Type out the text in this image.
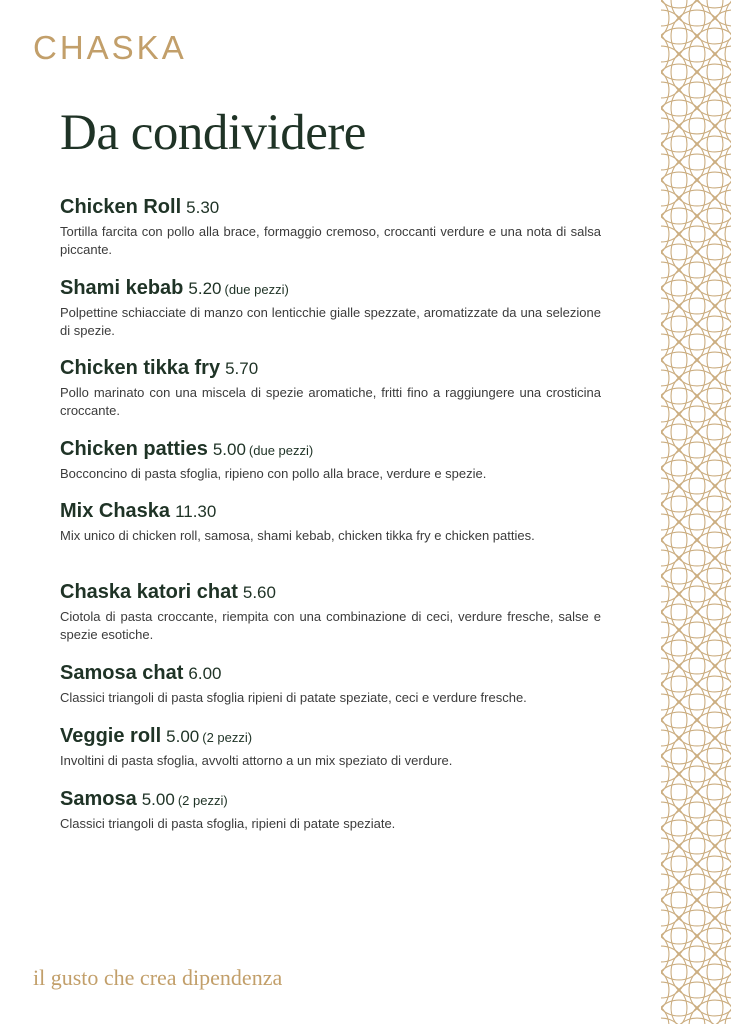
CHASKA
Da condividere
Chicken Roll 5.30

Tortilla farcita con pollo alla brace, formaggio cremoso, croccanti verdure e una nota di salsa piccante.

Shami kebab 5.20 (due pezzi)

Polpettine schiacciate di manzo con lenticchie gialle spezzate, aromatizzate da una selezione di spezie.

Chicken tikka fry 5.70

Pollo marinato con una miscela di spezie aromatiche, fritti fino a raggiungere una crosticina croccante.

Chicken patties 5.00 (due pezzi)

Bocconcino di pasta sfoglia, ripieno con pollo alla brace, verdure e spezie.

Mix Chaska 11.30

Mix unico di chicken roll, samosa, shami kebab, chicken tikka fry e chicken patties.

Chaska katori chat 5.60

Ciotola di pasta croccante, riempita con una combinazione di ceci, verdure fresche, salse e spezie esotiche.

Samosa chat 6.00

Classici triangoli di pasta sfoglia ripieni di patate speziate, ceci e verdure fresche.

Veggie roll 5.00 (2 pezzi)

Involtini di pasta sfoglia, avvolti attorno a un mix speziato di verdure.

Samosa 5.00 (2 pezzi)

Classici triangoli di pasta sfoglia, ripieni di patate speziate.

il gusto che crea dipendenza
